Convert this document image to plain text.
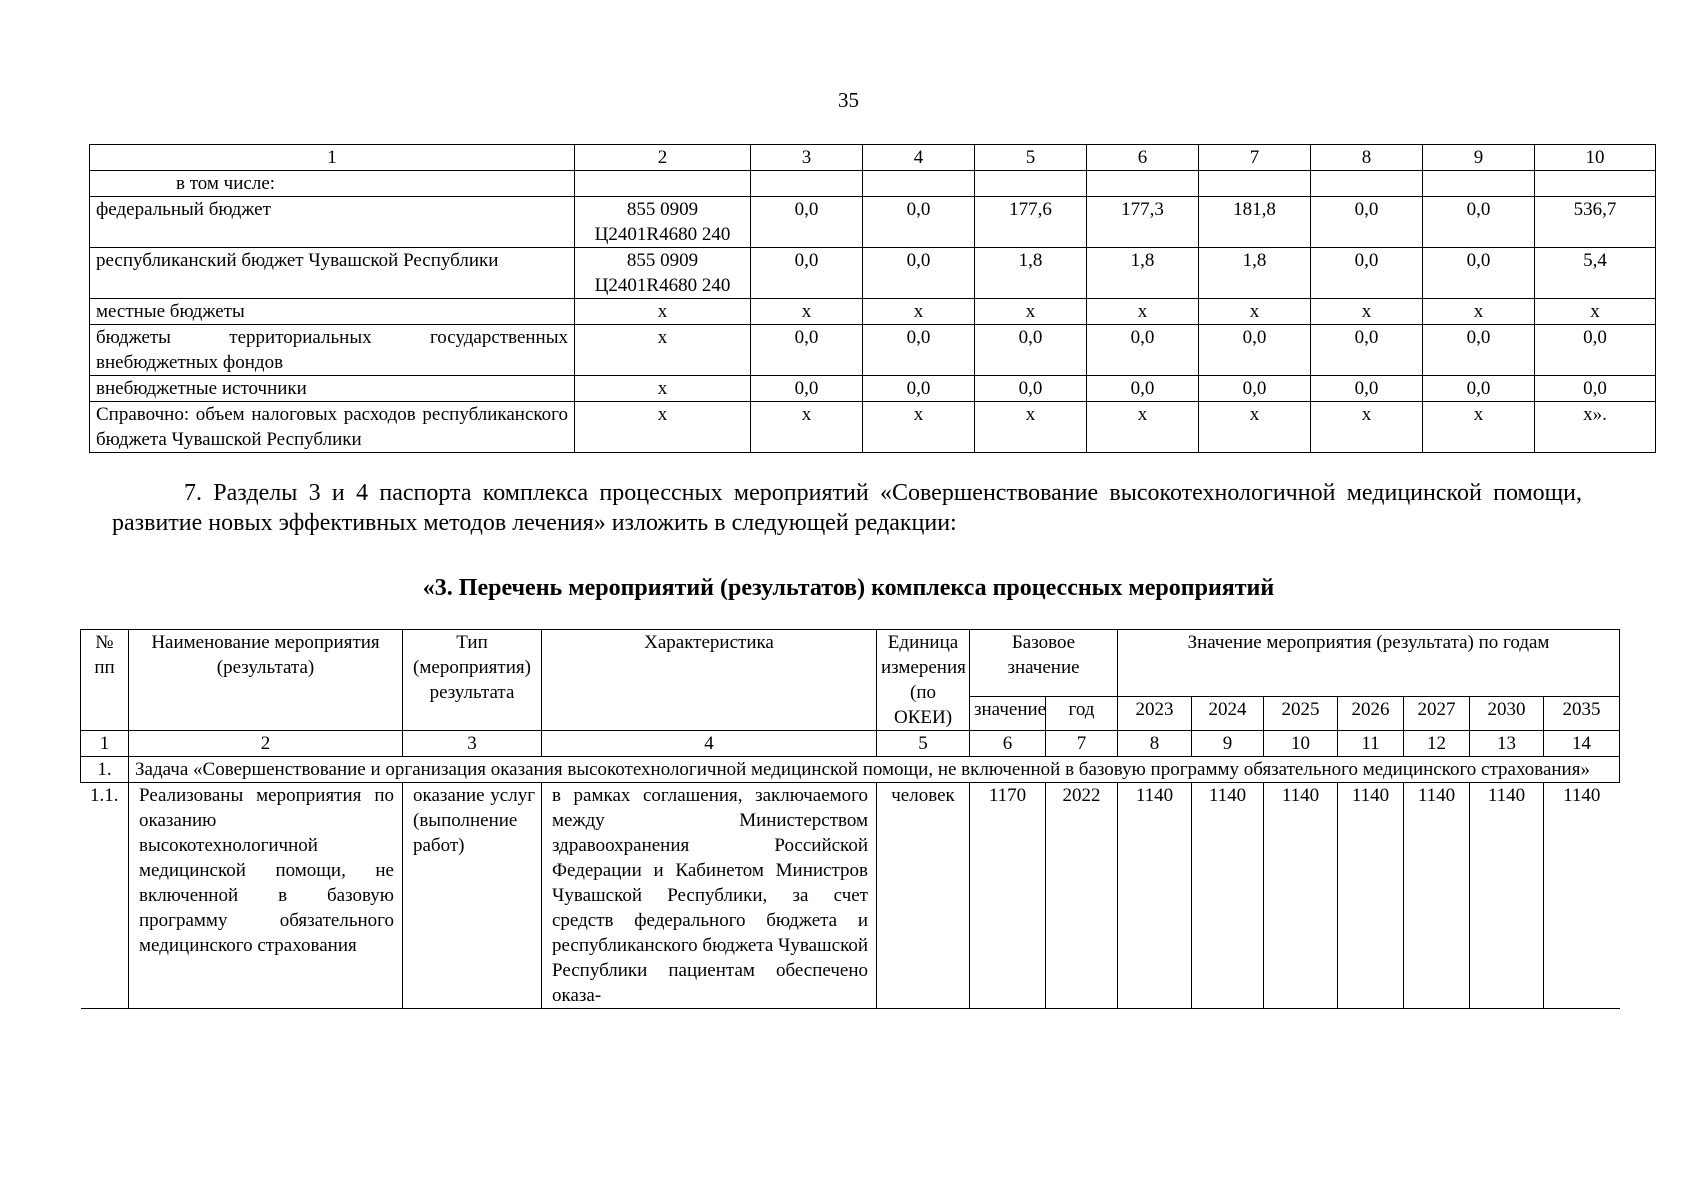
35
1	2	3	4	5	6	7	8	9	10
в том числе:									
федеральный бюджет	855 0909 Ц2401R4680 240	0,0	0,0	177,6	177,3	181,8	0,0	0,0	536,7
республиканский бюджет Чувашской Республики	855 0909 Ц2401R4680 240	0,0	0,0	1,8	1,8	1,8	0,0	0,0	5,4
местные бюджеты	х	х	х	х	х	х	х	х	х
бюджеты территориальных государственных внебюджетных фондов	х	0,0	0,0	0,0	0,0	0,0	0,0	0,0	0,0
внебюджетные источники	х	0,0	0,0	0,0	0,0	0,0	0,0	0,0	0,0
Справочно: объем налоговых расходов республиканского бюджета Чувашской Республики	х	х	х	х	х	х	х	х	х».
7. Разделы 3 и 4 паспорта комплекса процессных мероприятий «Совершенствование высокотехнологичной медицинской помощи, развитие новых эффективных методов лечения» изложить в следующей редакции:
«3. Перечень мероприятий (результатов) комплекса процессных мероприятий
№ пп	Наименование мероприятия (результата)	Тип (мероприятия) результата	Характеристика	Единица измерения (по ОКЕИ)	Базовое значение		Значение мероприятия (результата) по годам						
					значение	год	2023	2024	2025	2026	2027	2030	2035
1	2	3	4	5	6	7	8	9	10	11	12	13	14
1.	Задача «Совершенствование и организация оказания высокотехнологичной медицинской помощи, не включенной в базовую программу обязательного медицинского страхования»												
1.1.	Реализованы мероприятия по оказанию высокотехнологичной медицинской помощи, не включенной в базовую программу обязательного медицинского страхования	оказание услуг (выполнение работ)	в рамках соглашения, заключаемого между Министерством здравоохранения Российской Федерации и Кабинетом Министров Чувашской Республики, за счет средств федерального бюджета и республиканского бюджета Чувашской Республики пациентам обеспечено оказа-	человек	1170	2022	1140	1140	1140	1140	1140	1140	1140
